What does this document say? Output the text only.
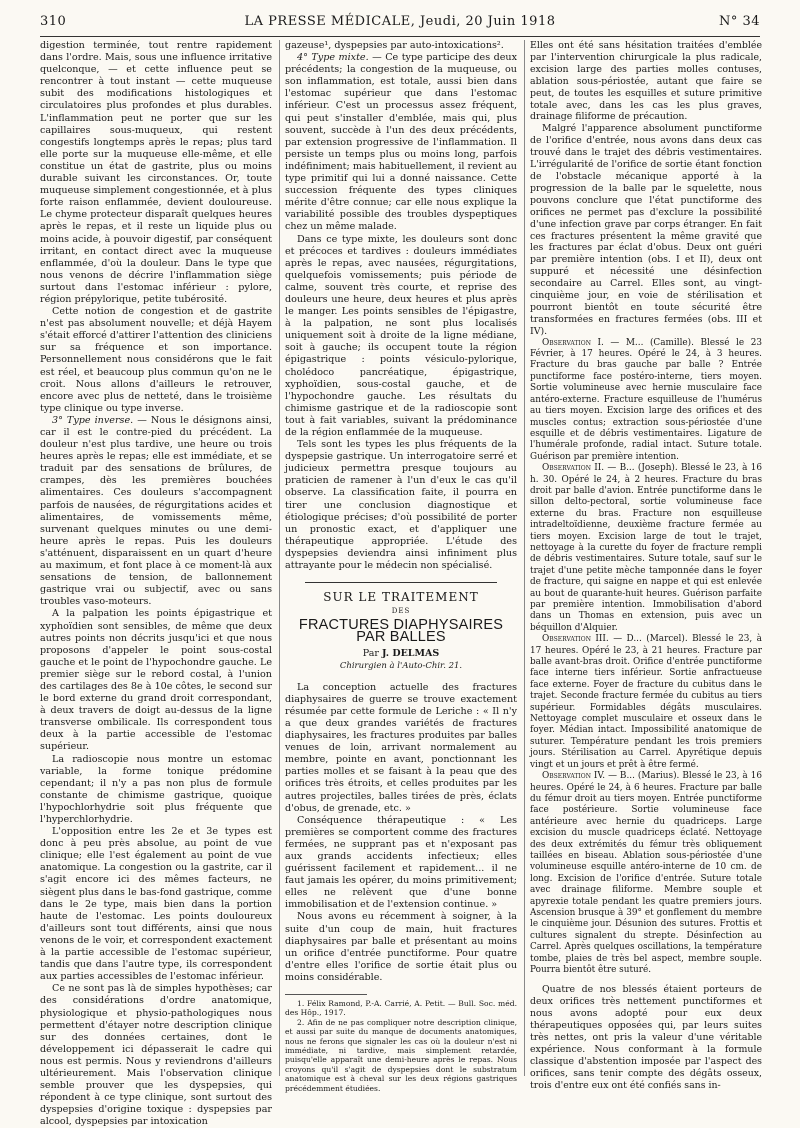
310	LA PRESSE MÉDICALE, Jeudi, 20 Juin 1918	N° 34

digestion terminée, tout rentre rapidement dans l'ordre. Mais, sous une influence irritative quelconque, — et cette influence peut se rencontrer à tout instant — cette muqueuse subit des modifications histologiques et circulatoires plus profondes et plus durables. L'inflammation peut ne porter que sur les capillaires sous-muqueux, qui restent congestifs longtemps après le repas; plus tard elle porte sur la muqueuse elle-même, et elle constitue un état de gastrite, plus ou moins durable suivant les circonstances. Or, toute muqueuse simplement congestionnée, et à plus forte raison enflammée, devient douloureuse. Le chyme protecteur disparaît quelques heures après le repas, et il reste un liquide plus ou moins acide, à pouvoir digestif, par conséquent irritant, en contact direct avec la muqueuse enflammée, d'où la douleur. Dans le type que nous venons de décrire l'inflammation siège surtout dans l'estomac inférieur : pylore, région prépylorique, petite tubérosité.

Cette notion de congestion et de gastrite n'est pas absolument nouvelle; et déjà Hayem s'était efforcé d'attirer l'attention des cliniciens sur sa fréquence et son importance. Personnellement nous considérons que le fait est réel, et beaucoup plus commun qu'on ne le croit. Nous allons d'ailleurs le retrouver, encore avec plus de netteté, dans le troisième type clinique ou type inverse.

3° Type inverse. — Nous le désignons ainsi, car il est le contre-pied du précédent. La douleur n'est plus tardive, une heure ou trois heures après le repas; elle est immédiate, et se traduit par des sensations de brûlures, de crampes, dès les premières bouchées alimentaires. Ces douleurs s'accompagnent parfois de nausées, de régurgitations acides et alimentaires, de vomissements même, survenant quelques minutes ou une demi-heure après le repas. Puis les douleurs s'atténuent, disparaissent en un quart d'heure au maximum, et font place à ce moment-là aux sensations de tension, de ballonnement gastrique vrai ou subjectif, avec ou sans troubles vaso-moteurs.

A la palpation les points épigastrique et xyphoïdien sont sensibles, de même que deux autres points non décrits jusqu'ici et que nous proposons d'appeler le point sous-costal gauche et le point de l'hypochondre gauche. Le premier siège sur le rebord costal, à l'union des cartilages des 8e à 10e côtes, le second sur le bord externe du grand droit correspondant, à deux travers de doigt au-dessus de la ligne transverse ombilicale. Ils correspondent tous deux à la partie accessible de l'estomac supérieur.

La radioscopie nous montre un estomac variable, la forme tonique prédomine cependant; il n'y a pas non plus de formule constante de chimisme gastrique, quoique l'hypochlorhydrie soit plus fréquente que l'hyperchlorhydrie.

L'opposition entre les 2e et 3e types est donc à peu près absolue, au point de vue clinique; elle l'est également au point de vue anatomique. La congestion ou la gastrite, car il s'agit encore ici des mêmes facteurs, ne siègent plus dans le bas-fond gastrique, comme dans le 2e type, mais bien dans la portion haute de l'estomac. Les points douloureux d'ailleurs sont tout différents, ainsi que nous venons de le voir, et correspondent exactement à la partie accessible de l'estomac supérieur, tandis que dans l'autre type, ils correspondent aux parties accessibles de l'estomac inférieur.

Ce ne sont pas là de simples hypothèses; car des considérations d'ordre anatomique, physiologique et physio-pathologiques nous permettent d'étayer notre description clinique sur des données certaines, dont le développement ici dépasserait le cadre qui nous est permis. Nous y reviendrons d'ailleurs ultérieurement. Mais l'observation clinique semble prouver que les dyspepsies, qui répondent à ce type clinique, sont surtout des dyspepsies d'origine toxique : dyspepsies par alcool, dyspepsies par intoxication

gazeuse¹, dyspepsies par auto-intoxications².

4° Type mixte. — Ce type participe des deux précédents; la congestion de la muqueuse, ou son inflammation, est totale, aussi bien dans l'estomac supérieur que dans l'estomac inférieur. C'est un processus assez fréquent, qui peut s'installer d'emblée, mais qui, plus souvent, succède à l'un des deux précédents, par extension progressive de l'inflammation. Il persiste un temps plus ou moins long, parfois indéfiniment; mais habituellement, il revient au type primitif qui lui a donné naissance. Cette succession fréquente des types cliniques mérite d'être connue; car elle nous explique la variabilité possible des troubles dyspeptiques chez un même malade.

Dans ce type mixte, les douleurs sont donc et précoces et tardives : douleurs immédiates après le repas, avec nausées, régurgitations, quelquefois vomissements; puis période de calme, souvent très courte, et reprise des douleurs une heure, deux heures et plus après le manger. Les points sensibles de l'épigastre, à la palpation, ne sont plus localisés uniquement soit à droite de la ligne médiane, soit à gauche; ils occupent toute la région épigastrique : points vésiculo-pylorique, cholédoco pancréatique, épigastrique, xyphoïdien, sous-costal gauche, et de l'hypochondre gauche. Les résultats du chimisme gastrique et de la radioscopie sont tout à fait variables, suivant la prédominance de la région enflammée de la muqueuse.

Tels sont les types les plus fréquents de la dyspepsie gastrique. Un interrogatoire serré et judicieux permettra presque toujours au praticien de ramener à l'un d'eux le cas qu'il observe. La classification faite, il pourra en tirer une conclusion diagnostique et étiologique précises; d'où possibilité de porter un pronostic exact, et d'appliquer une thérapeutique appropriée. L'étude des dyspepsies deviendra ainsi infiniment plus attrayante pour le médecin non spécialisé.

SUR LE TRAITEMENT
DES
FRACTURES DIAPHYSAIRES PAR BALLES
Par J. DELMAS
Chirurgien à l'Auto-Chir. 21.

La conception actuelle des fractures diaphysaires de guerre se trouve exactement résumée par cette formule de Leriche : « Il n'y a que deux grandes variétés de fractures diaphysaires, les fractures produites par balles venues de loin, arrivant normalement au membre, pointe en avant, ponctionnant les parties molles et se faisant à la peau que des orifices très étroits, et celles produites par les autres projectiles, balles tirées de près, éclats d'obus, de grenade, etc. »

Conséquence thérapeutique : « Les premières se comportent comme des fractures fermées, ne supprant pas et n'exposant pas aux grands accidents infectieux; elles guérissent facilement et rapidement... il ne faut jamais les opérer, du moins primitivement; elles ne relèvent que d'une bonne immobilisation et de l'extension continue. »

Nous avons eu récemment à soigner, à la suite d'un coup de main, huit fractures diaphysaires par balle et présentant au moins un orifice d'entrée punctiforme. Pour quatre d'entre elles l'orifice de sortie était plus ou moins considérable.

1. Félix Ramond, P.-A. Carrié, A. Petit. — Bull. Soc. méd. des Hôp., 1917.

2. Afin de ne pas compliquer notre description clinique, et aussi par suite du manque de documents anatomiques, nous ne ferons que signaler les cas où la douleur n'est ni immédiate, ni tardive, mais simplement retardée, puisqu'elle apparaît une demi-heure après le repas. Nous croyons qu'il s'agit de dyspepsies dont le substratum anatomique est à cheval sur les deux régions gastriques précédemment étudiées.

Elles ont été sans hésitation traitées d'emblée par l'intervention chirurgicale la plus radicale, excision large des parties molles contuses, ablation sous-périostée, autant que faire se peut, de toutes les esquilles et suture primitive totale avec, dans les cas les plus graves, drainage filiforme de précaution.

Malgré l'apparence absolument punctiforme de l'orifice d'entrée, nous avons dans deux cas trouvé dans le trajet des débris vestimentaires. L'irrégularité de l'orifice de sortie étant fonction de l'obstacle mécanique apporté à la progression de la balle par le squelette, nous pouvons conclure que l'état punctiforme des orifices ne permet pas d'exclure la possibilité d'une infection grave par corps étranger. En fait ces fractures présentent la même gravité que les fractures par éclat d'obus. Deux ont guéri par première intention (obs. I et II), deux ont suppuré et nécessité une désinfection secondaire au Carrel. Elles sont, au vingt-cinquième jour, en voie de stérilisation et pourront bientôt en toute sécurité être transformées en fractures fermées (obs. III et IV).

Observation I. — M... (Camille). Blessé le 23 Février, à 17 heures. Opéré le 24, à 3 heures. Fracture du bras gauche par balle ? Entrée punctiforme face postéro-interne, tiers moyen. Sortie volumineuse avec hernie musculaire face antéro-externe. Fracture esquilleuse de l'humérus au tiers moyen. Excision large des orifices et des muscles contus; extraction sous-périostée d'une esquille et de débris vestimentaires. Ligature de l'humérale profonde, radial intact. Suture totale. Guérison par première intention.

Observation II. — B... (Joseph). Blessé le 23, à 16 h. 30. Opéré le 24, à 2 heures. Fracture du bras droit par balle d'avion. Entrée punctiforme dans le sillon delto-pectoral, sortie volumineuse face externe du bras. Fracture non esquilleuse intradeltoïdienne, deuxième fracture fermée au tiers moyen. Excision large de tout le trajet, nettoyage à la curette du foyer de fracture rempli de débris vestimentaires. Suture totale, sauf sur le trajet d'une petite mèche tamponnée dans le foyer de fracture, qui saigne en nappe et qui est enlevée au bout de quarante-huit heures. Guérison parfaite par première intention. Immobilisation d'abord dans un Thomas en extension, puis avec un béquillon d'Alquier.

Observation III. — D... (Marcel). Blessé le 23, à 17 heures. Opéré le 23, à 21 heures. Fracture par balle avant-bras droit. Orifice d'entrée punctiforme face interne tiers inférieur. Sortie anfractueuse face externe. Foyer de fracture du cubitus dans le trajet. Seconde fracture fermée du cubitus au tiers supérieur. Formidables dégâts musculaires. Nettoyage complet musculaire et osseux dans le foyer. Médian intact. Impossibilité anatomique de suturer. Température pendant les trois premiers jours. Stérilisation au Carrel. Apyrétique depuis vingt et un jours et prêt à être fermé.

Observation IV. — B... (Marius). Blessé le 23, à 16 heures. Opéré le 24, à 6 heures. Fracture par balle du fémur droit au tiers moyen. Entrée punctiforme face postérieure. Sortie volumineuse face antérieure avec hernie du quadriceps. Large excision du muscle quadriceps éclaté. Nettoyage des deux extrémités du fémur très obliquement taillées en biseau. Ablation sous-périostée d'une volumineuse esquille antéro-interne de 10 cm. de long. Excision de l'orifice d'entrée. Suture totale avec drainage filiforme. Membre souple et apyrexie totale pendant les quatre premiers jours. Ascension brusque à 39° et gonflement du membre le cinquième jour. Désunion des sutures. Frottis et cultures signalent du strepte. Désinfection au Carrel. Après quelques oscillations, la température tombe, plaies de très bel aspect, membre souple. Pourra bientôt être suturé.

Quatre de nos blessés étaient porteurs de deux orifices très nettement punctiformes et nous avons adopté pour eux deux thérapeutiques opposées qui, par leurs suites très nettes, ont pris la valeur d'une véritable expérience. Nous conformant à la formule classique d'abstention imposée par l'aspect des orifices, sans tenir compte des dégâts osseux, trois d'entre eux ont été confiés sans in-
